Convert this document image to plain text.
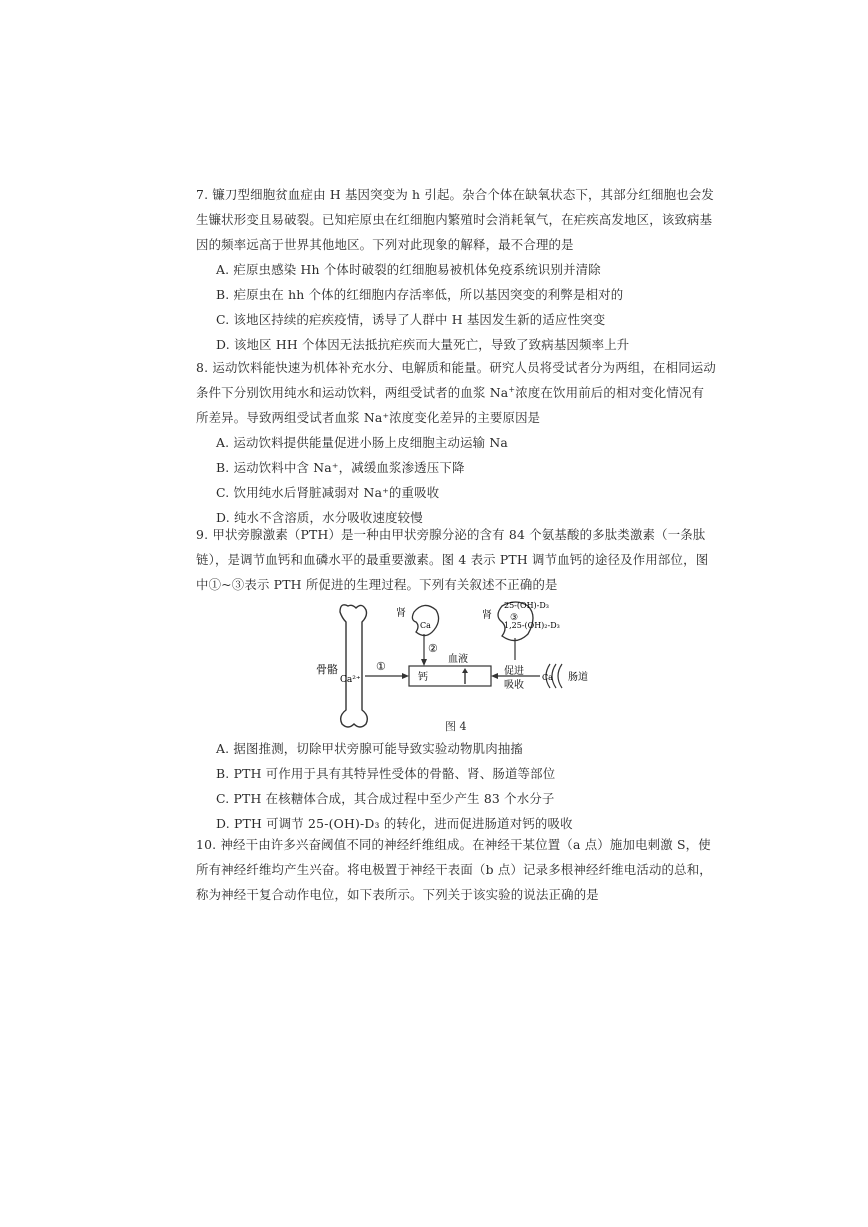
7. 镰刀型细胞贫血症由 H 基因突变为 h 引起。杂合个体在缺氧状态下，其部分红细胞也会发生镰状形变且易破裂。已知疟原虫在红细胞内繁殖时会消耗氧气，在疟疾高发地区，该致病基因的频率远高于世界其他地区。下列对此现象的解释，最不合理的是

A. 疟原虫感染 Hh 个体时破裂的红细胞易被机体免疫系统识别并清除

B. 疟原虫在 hh 个体的红细胞内存活率低，所以基因突变的利弊是相对的

C. 该地区持续的疟疾疫情，诱导了人群中 H 基因发生新的适应性突变

D. 该地区 HH 个体因无法抵抗疟疾而大量死亡，导致了致病基因频率上升

8. 运动饮料能快速为机体补充水分、电解质和能量。研究人员将受试者分为两组，在相同运动条件下分别饮用纯水和运动饮料，两组受试者的血浆 Na+浓度在饮用前后的相对变化情况有所差异。导致两组受试者血浆 Na⁺浓度变化差异的主要原因是

A. 运动饮料提供能量促进小肠上皮细胞主动运输 Na

B. 运动饮料中含 Na⁺，减缓血浆渗透压下降

C. 饮用纯水后肾脏减弱对 Na⁺的重吸收

D. 纯水不含溶质，水分吸收速度较慢

9. 甲状旁腺激素（PTH）是一种由甲状旁腺分泌的含有 84 个氨基酸的多肽类激素（一条肽链），是调节血钙和血磷水平的最重要激素。图 4 表示 PTH 调节血钙的途径及作用部位，图中①~③表示 PTH 所促进的生理过程。下列有关叙述不正确的是

骨骼
Ca²⁺
①
血液
钙
肾
Ca
②
肾
25-(OH)-D₃
③
1,25-(OH)₂-D₃
促进
吸收
Ca 肠道
图 4

A. 据图推测，切除甲状旁腺可能导致实验动物肌肉抽搐

B. PTH 可作用于具有其特异性受体的骨骼、肾、肠道等部位

C. PTH 在核糖体合成，其合成过程中至少产生 83 个水分子

D. PTH 可调节 25-(OH)-D₃ 的转化，进而促进肠道对钙的吸收

10. 神经干由许多兴奋阈值不同的神经纤维组成。在神经干某位置（a 点）施加电刺激 S，使所有神经纤维均产生兴奋。将电极置于神经干表面（b 点）记录多根神经纤维电活动的总和，称为神经干复合动作电位，如下表所示。下列关于该实验的说法正确的是
